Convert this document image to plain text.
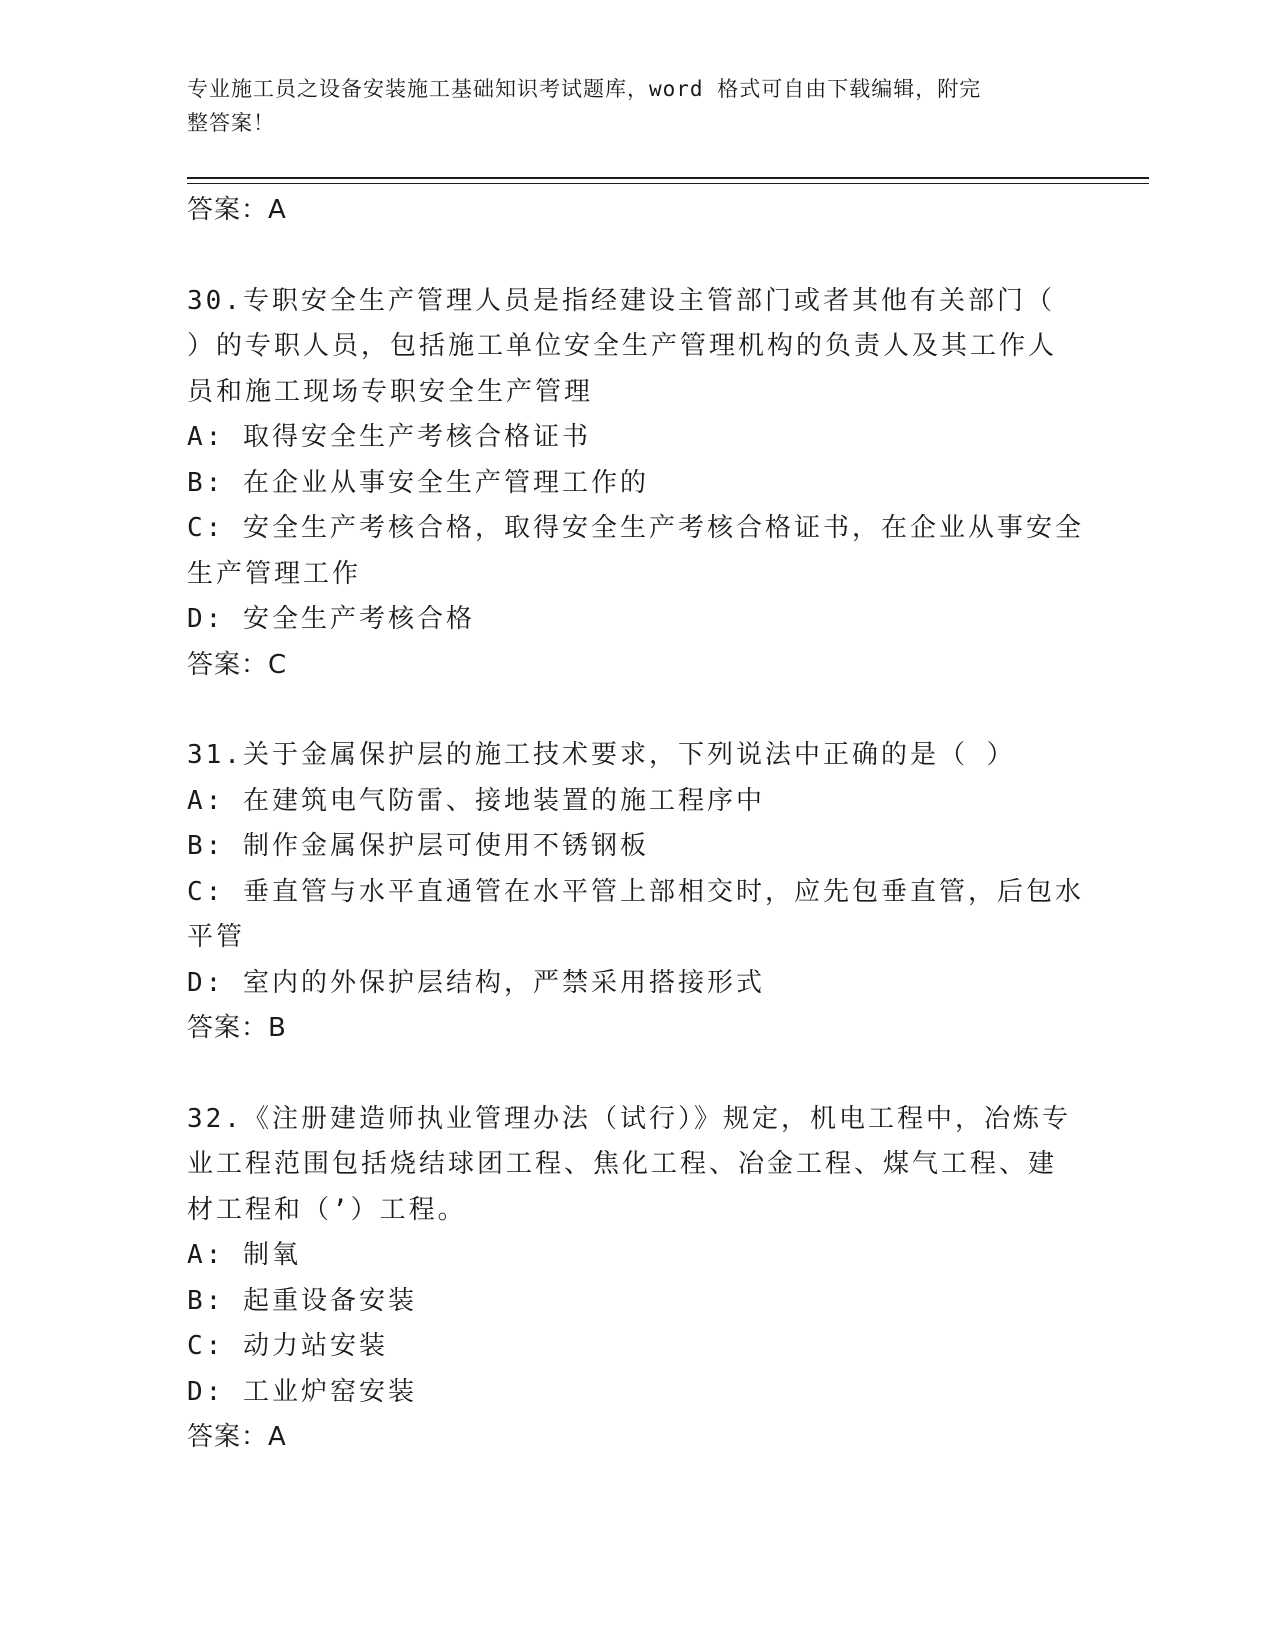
专业施工员之设备安装施工基础知识考试题库，word 格式可自由下载编辑，附完
整答案！
答案：A
30.专职安全生产管理人员是指经建设主管部门或者其他有关部门（
）的专职人员，包括施工单位安全生产管理机构的负责人及其工作人
员和施工现场专职安全生产管理
A: 取得安全生产考核合格证书
B: 在企业从事安全生产管理工作的
C: 安全生产考核合格，取得安全生产考核合格证书，在企业从事安全
生产管理工作
D: 安全生产考核合格
答案：C
31.关于金属保护层的施工技术要求，下列说法中正确的是（ ）
A: 在建筑电气防雷、接地装置的施工程序中
B: 制作金属保护层可使用不锈钢板
C: 垂直管与水平直通管在水平管上部相交时，应先包垂直管，后包水
平管
D: 室内的外保护层结构，严禁采用搭接形式
答案：B
32.《注册建造师执业管理办法（试行）》规定，机电工程中，冶炼专
业工程范围包括烧结球团工程、焦化工程、冶金工程、煤气工程、建
材工程和（’）工程。
A: 制氧
B: 起重设备安装
C: 动力站安装
D: 工业炉窑安装
答案：A
